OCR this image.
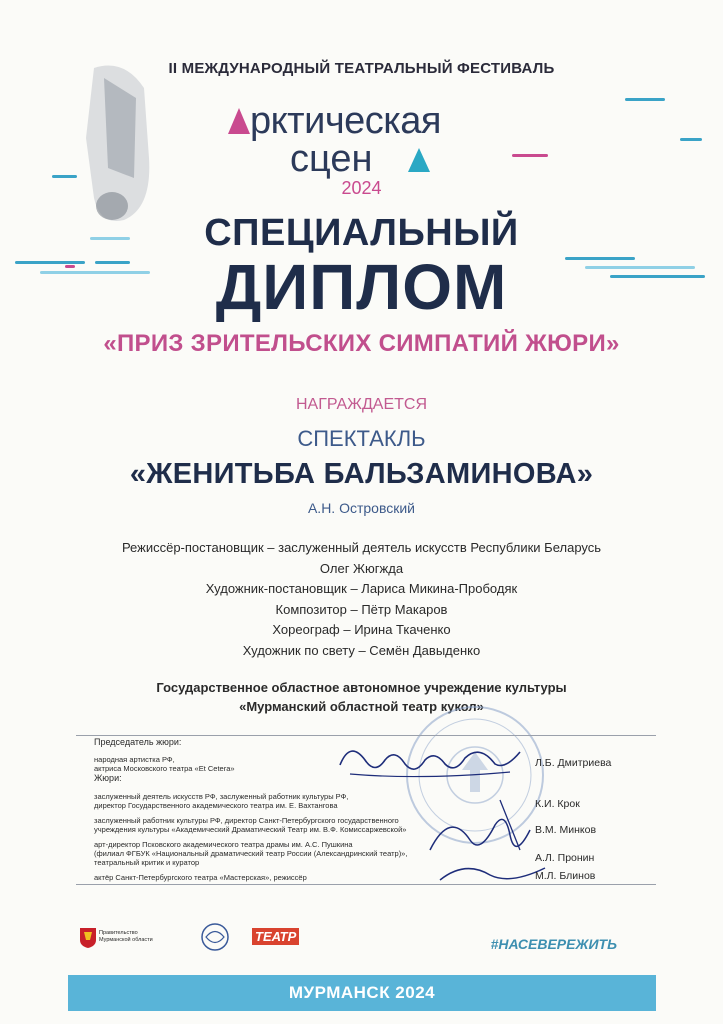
II МЕЖДУНАРОДНЫЙ ТЕАТРАЛЬНЫЙ ФЕСТИВАЛЬ
рктическая
сцен
2024
СПЕЦИАЛЬНЫЙ
ДИПЛОМ
«ПРИЗ ЗРИТЕЛЬСКИХ СИМПАТИЙ ЖЮРИ»
НАГРАЖДАЕТСЯ
СПЕКТАКЛЬ
«ЖЕНИТЬБА БАЛЬЗАМИНОВА»
А.Н. Островский
Режиссёр-постановщик – заслуженный деятель искусств Республики Беларусь
Олег Жюгжда
Художник-постановщик – Лариса Микина-Прободяк
Композитор – Пётр Макаров
Хореограф – Ирина Ткаченко
Художник по свету – Семён Давыденко
Государственное областное автономное учреждение культуры
«Мурманский областной театр кукол»
Председатель жюри:
народная артистка РФ,
актриса Московского театра «Et Cetera»
Жюри:
заслуженный деятель искусств РФ, заслуженный работник культуры РФ,
директор Государственного академического театра им. Е. Вахтангова
заслуженный работник культуры РФ, директор Санкт-Петербургского государственного
учреждения культуры «Академический Драматический Театр им. В.Ф. Комиссаржевской»
арт-директор Псковского академического театра драмы им. А.С. Пушкина
(филиал ФГБУК «Национальный драматический театр России (Александринский театр)»,
театральный критик и куратор
актёр Санкт-Петербургского театра «Мастерская», режиссёр
Л.Б. Дмитриева
К.И. Крок
В.М. Минков
А.Л. Пронин
М.Л. Блинов
Правительство
Мурманской области	ТЕАТР	#НАСЕВЕРЕЖИТЬ
МУРМАНСК 2024
